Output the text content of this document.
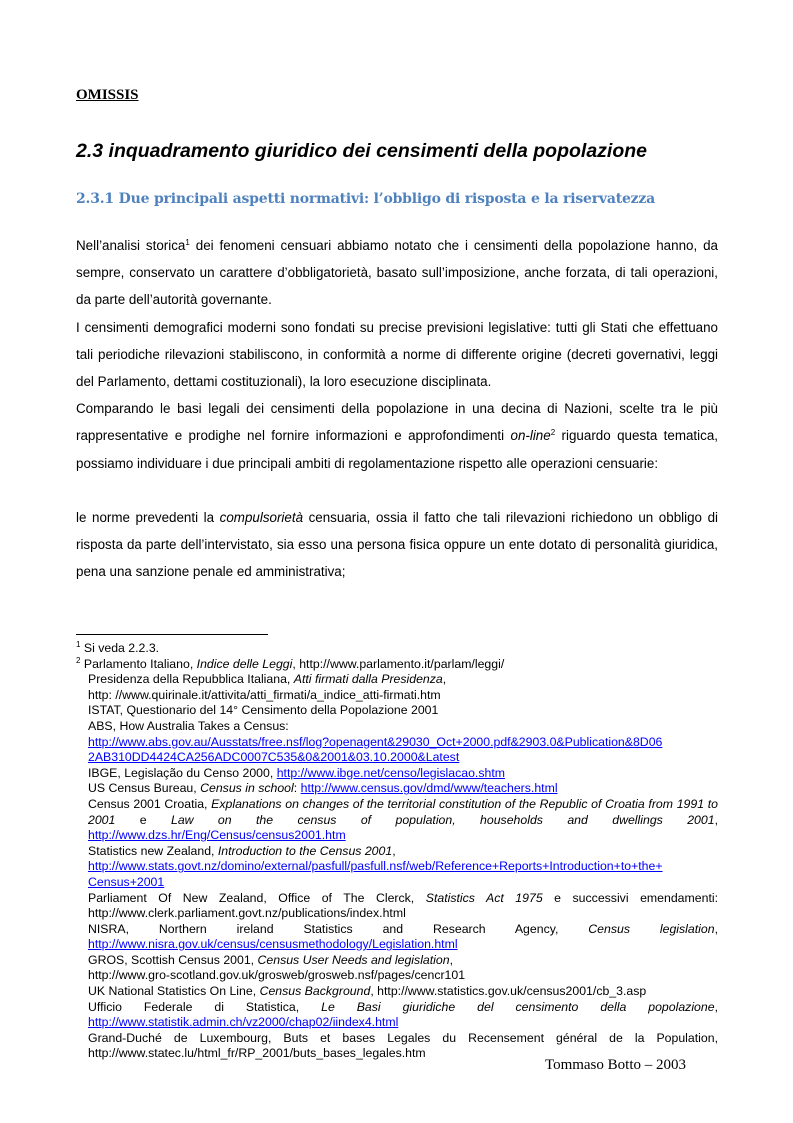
OMISSIS
2.3 inquadramento giuridico dei censimenti della popolazione
2.3.1 Due principali aspetti normativi: l’obbligo di risposta e la riservatezza

Nell’analisi storica$^1$ dei fenomeni censuari abbiamo notato che i censimenti della popolazione hanno, da sempre, conservato un carattere d’obbligatorietà, basato sull’imposizione, anche forzata, di tali operazioni, da parte dell’autorità governante.

I censimenti demografici moderni sono fondati su precise previsioni legislative: tutti gli Stati che effettuano tali periodiche rilevazioni stabiliscono, in conformità a norme di differente origine (decreti governativi, leggi del Parlamento, dettami costituzionali), la loro esecuzione disciplinata.

Comparando le basi legali dei censimenti della popolazione in una decina di Nazioni, scelte tra le più rappresentative e prodighe nel fornire informazioni e approfondimenti on-line$^2$ riguardo questa tematica, possiamo individuare i due principali ambiti di regolamentazione rispetto alle operazioni censuarie:

le norme prevedenti la compulsorietà censuaria, ossia il fatto che tali rilevazioni richiedono un obbligo di risposta da parte dell’intervistato, sia esso una persona fisica oppure un ente dotato di personalità giuridica, pena una sanzione penale ed amministrativa;

$^1$ Si veda 2.2.3.

$^2$ Parlamento Italiano, Indice delle Leggi, http://www.parlamento.it/parlam/leggi/

Presidenza della Repubblica Italiana, Atti firmati dalla Presidenza,

http: //www.quirinale.it/attivita/atti_firmati/a_indice_atti-firmati.htm

ISTAT, Questionario del 14° Censimento della Popolazione 2001

ABS, How Australia Takes a Census:

http://www.abs.gov.au/Ausstats/free.nsf/log?openagent&29030_Oct+2000.pdf&2903.0&Publication&8D06
2AB310DD4424CA256ADC0007C535&0&2001&03.10.2000&Latest

IBGE, Legislação du Censo 2000, http://www.ibge.net/censo/legislacao.shtm

US Census Bureau, Census in school: http://www.census.gov/dmd/www/teachers.html

Census 2001 Croatia, Explanations on changes of the territorial constitution of the Republic of Croatia from 1991 to 2001 e Law on the census of population, households and dwellings 2001,

http://www.dzs.hr/Eng/Census/census2001.htm

Statistics new Zealand, Introduction to the Census 2001,

http://www.stats.govt.nz/domino/external/pasfull/pasfull.nsf/web/Reference+Reports+Introduction+to+the+
Census+2001

Parliament Of New Zealand, Office of The Clerck, Statistics Act 1975 e successivi emendamenti:

http://www.clerk.parliament.govt.nz/publications/index.html

NISRA, Northern ireland Statistics and Research Agency, Census legislation,

http://www.nisra.gov.uk/census/censusmethodology/Legislation.html

GROS, Scottish Census 2001, Census User Needs and legislation,

http://www.gro-scotland.gov.uk/grosweb/grosweb.nsf/pages/cencr101

UK National Statistics On Line, Census Background, http://www.statistics.gov.uk/census2001/cb_3.asp

Ufficio Federale di Statistica, Le Basi giuridiche del censimento della popolazione,

http://www.statistik.admin.ch/vz2000/chap02/iindex4.html

Grand-Duché de Luxembourg, Buts et bases Legales du Recensement général de la Population,

http://www.statec.lu/html_fr/RP_2001/buts_bases_legales.htm

Tommaso Botto – 2003
